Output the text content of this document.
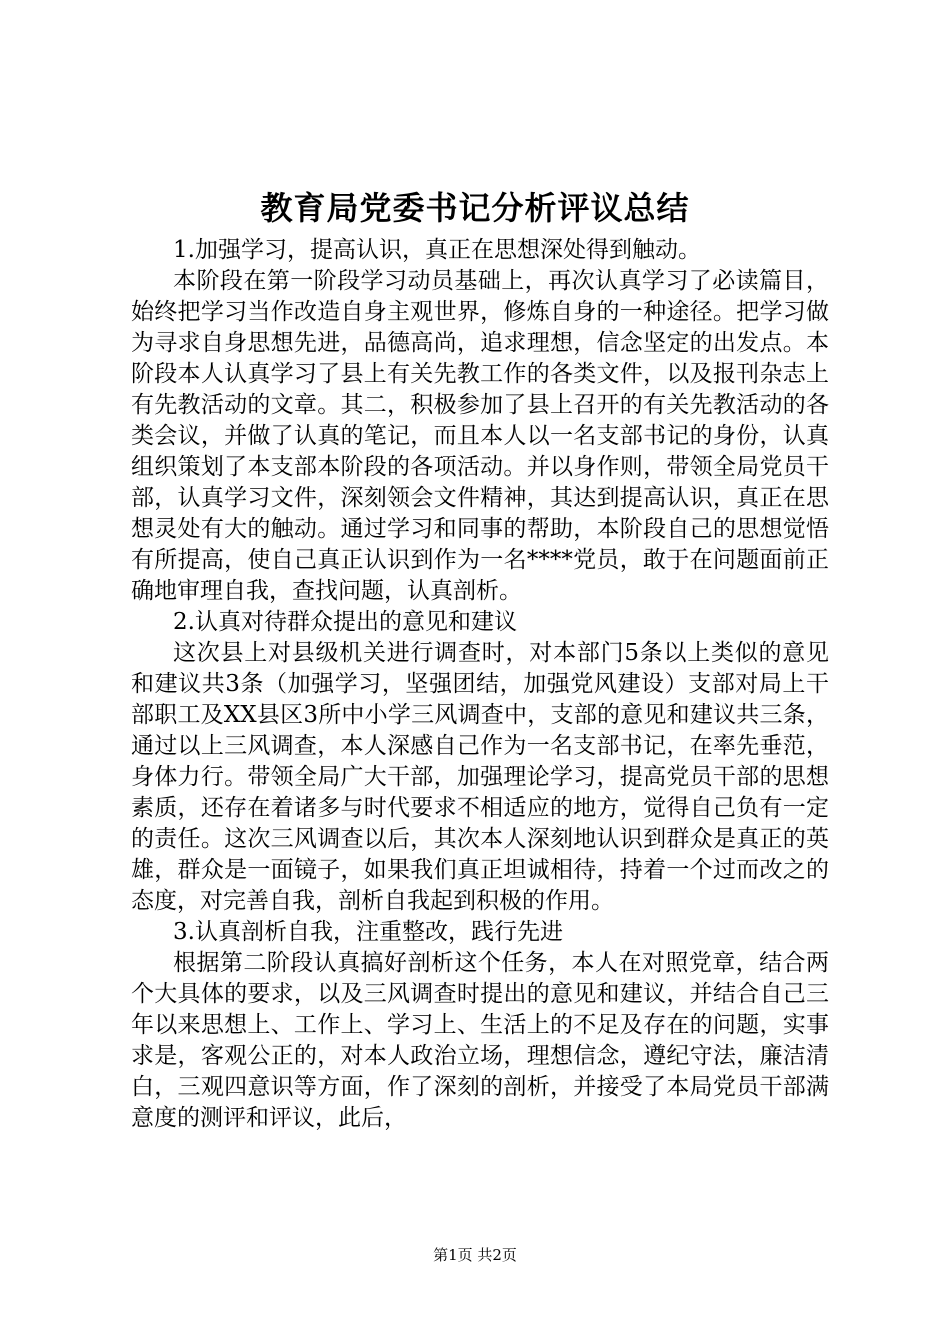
教育局党委书记分析评议总结

1.加强学习，提高认识，真正在思想深处得到触动。

本阶段在第一阶段学习动员基础上，再次认真学习了必读篇目，始终把学习当作改造自身主观世界，修炼自身的一种途径。把学习做为寻求自身思想先进，品德高尚，追求理想，信念坚定的出发点。本阶段本人认真学习了县上有关先教工作的各类文件，以及报刊杂志上有先教活动的文章。其二，积极参加了县上召开的有关先教活动的各类会议，并做了认真的笔记，而且本人以一名支部书记的身份，认真组织策划了本支部本阶段的各项活动。并以身作则，带领全局党员干部，认真学习文件，深刻领会文件精神，其达到提高认识，真正在思想灵处有大的触动。通过学习和同事的帮助，本阶段自己的思想觉悟有所提高，使自己真正认识到作为一名****党员，敢于在问题面前正确地审理自我，查找问题，认真剖析。

2.认真对待群众提出的意见和建议

这次县上对县级机关进行调查时，对本部门5条以上类似的意见和建议共3条（加强学习，坚强团结，加强党风建设）支部对局上干部职工及XX县区3所中小学三风调查中，支部的意见和建议共三条，通过以上三风调查，本人深感自己作为一名支部书记，在率先垂范，身体力行。带领全局广大干部，加强理论学习，提高党员干部的思想素质，还存在着诸多与时代要求不相适应的地方，觉得自己负有一定的责任。这次三风调查以后，其次本人深刻地认识到群众是真正的英雄，群众是一面镜子，如果我们真正坦诚相待，持着一个过而改之的态度，对完善自我，剖析自我起到积极的作用。

3.认真剖析自我，注重整改，践行先进

根据第二阶段认真搞好剖析这个任务，本人在对照党章，结合两个大具体的要求，以及三风调查时提出的意见和建议，并结合自己三年以来思想上、工作上、学习上、生活上的不足及存在的问题，实事求是，客观公正的，对本人政治立场，理想信念，遵纪守法，廉洁清白，三观四意识等方面，作了深刻的剖析，并接受了本局党员干部满意度的测评和评议，此后，

第1页 共2页
